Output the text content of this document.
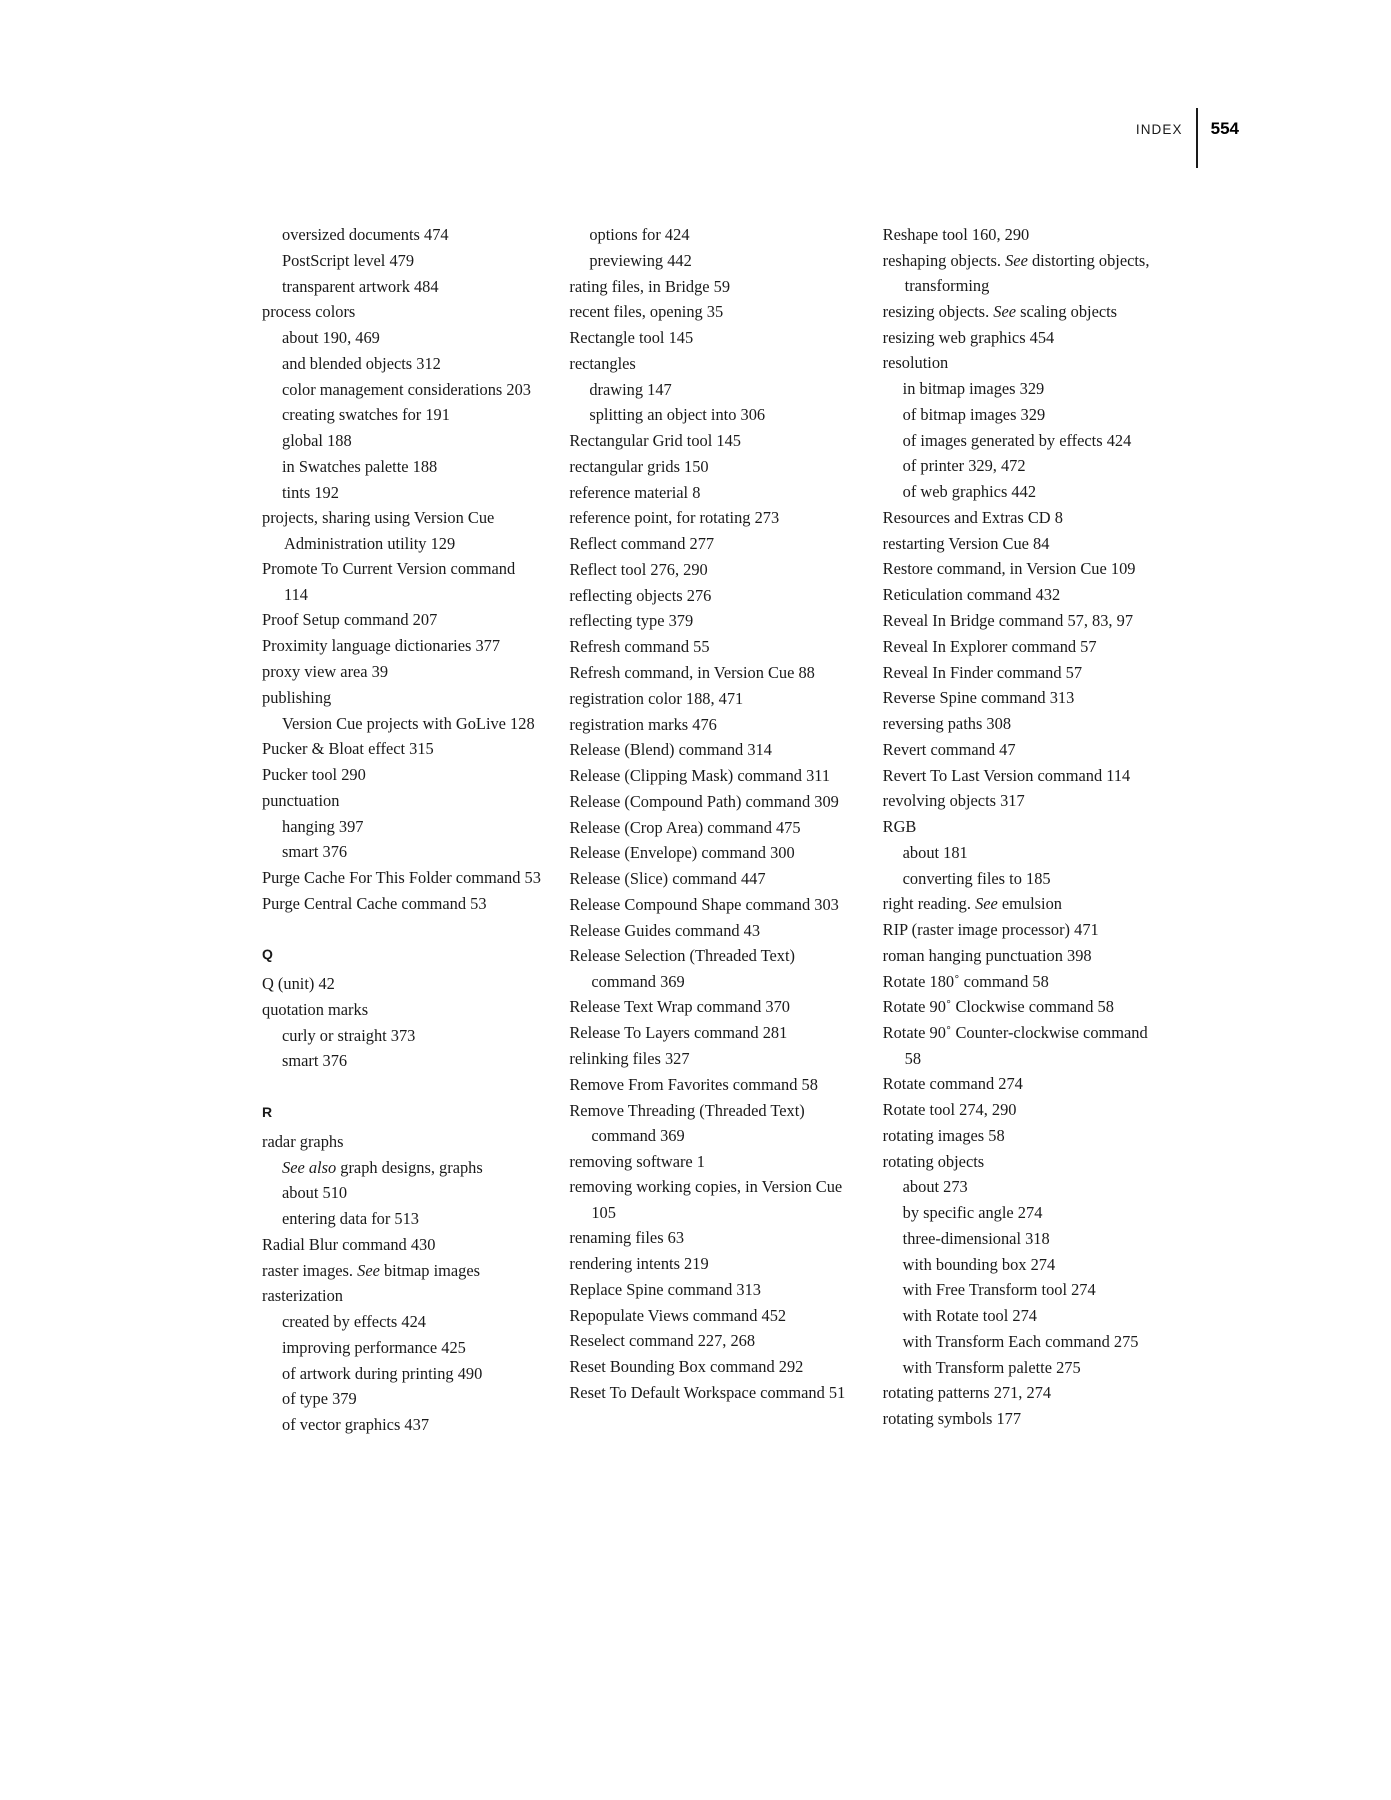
INDEX	554
oversized documents 474
PostScript level 479
transparent artwork 484
process colors
about 190, 469
and blended objects 312
color management considerations 203
creating swatches for 191
global 188
in Swatches palette 188
tints 192
projects, sharing using Version Cue Administration utility 129
Promote To Current Version command 114
Proof Setup command 207
Proximity language dictionaries 377
proxy view area 39
publishing
Version Cue projects with GoLive 128
Pucker & Bloat effect 315
Pucker tool 290
punctuation
hanging 397
smart 376
Purge Cache For This Folder command 53
Purge Central Cache command 53
Q
Q (unit) 42
quotation marks
curly or straight 373
smart 376
R
radar graphs
See also graph designs, graphs
about 510
entering data for 513
Radial Blur command 430
raster images. See bitmap images
rasterization
created by effects 424
improving performance 425
of artwork during printing 490
of type 379
of vector graphics 437
options for 424
previewing 442
rating files, in Bridge 59
recent files, opening 35
Rectangle tool 145
rectangles
drawing 147
splitting an object into 306
Rectangular Grid tool 145
rectangular grids 150
reference material 8
reference point, for rotating 273
Reflect command 277
Reflect tool 276, 290
reflecting objects 276
reflecting type 379
Refresh command 55
Refresh command, in Version Cue 88
registration color 188, 471
registration marks 476
Release (Blend) command 314
Release (Clipping Mask) command 311
Release (Compound Path) command 309
Release (Crop Area) command 475
Release (Envelope) command 300
Release (Slice) command 447
Release Compound Shape command 303
Release Guides command 43
Release Selection (Threaded Text) command 369
Release Text Wrap command 370
Release To Layers command 281
relinking files 327
Remove From Favorites command 58
Remove Threading (Threaded Text) command 369
removing software 1
removing working copies, in Version Cue 105
renaming files 63
rendering intents 219
Replace Spine command 313
Repopulate Views command 452
Reselect command 227, 268
Reset Bounding Box command 292
Reset To Default Workspace command 51
Reshape tool 160, 290
reshaping objects. See distorting objects, transforming
resizing objects. See scaling objects
resizing web graphics 454
resolution
in bitmap images 329
of bitmap images 329
of images generated by effects 424
of printer 329, 472
of web graphics 442
Resources and Extras CD 8
restarting Version Cue 84
Restore command, in Version Cue 109
Reticulation command 432
Reveal In Bridge command 57, 83, 97
Reveal In Explorer command 57
Reveal In Finder command 57
Reverse Spine command 313
reversing paths 308
Revert command 47
Revert To Last Version command 114
revolving objects 317
RGB
about 181
converting files to 185
right reading. See emulsion
RIP (raster image processor) 471
roman hanging punctuation 398
Rotate 180˚ command 58
Rotate 90˚ Clockwise command 58
Rotate 90˚ Counter-clockwise command 58
Rotate command 274
Rotate tool 274, 290
rotating images 58
rotating objects
about 273
by specific angle 274
three-dimensional 318
with bounding box 274
with Free Transform tool 274
with Rotate tool 274
with Transform Each command 275
with Transform palette 275
rotating patterns 271, 274
rotating symbols 177
